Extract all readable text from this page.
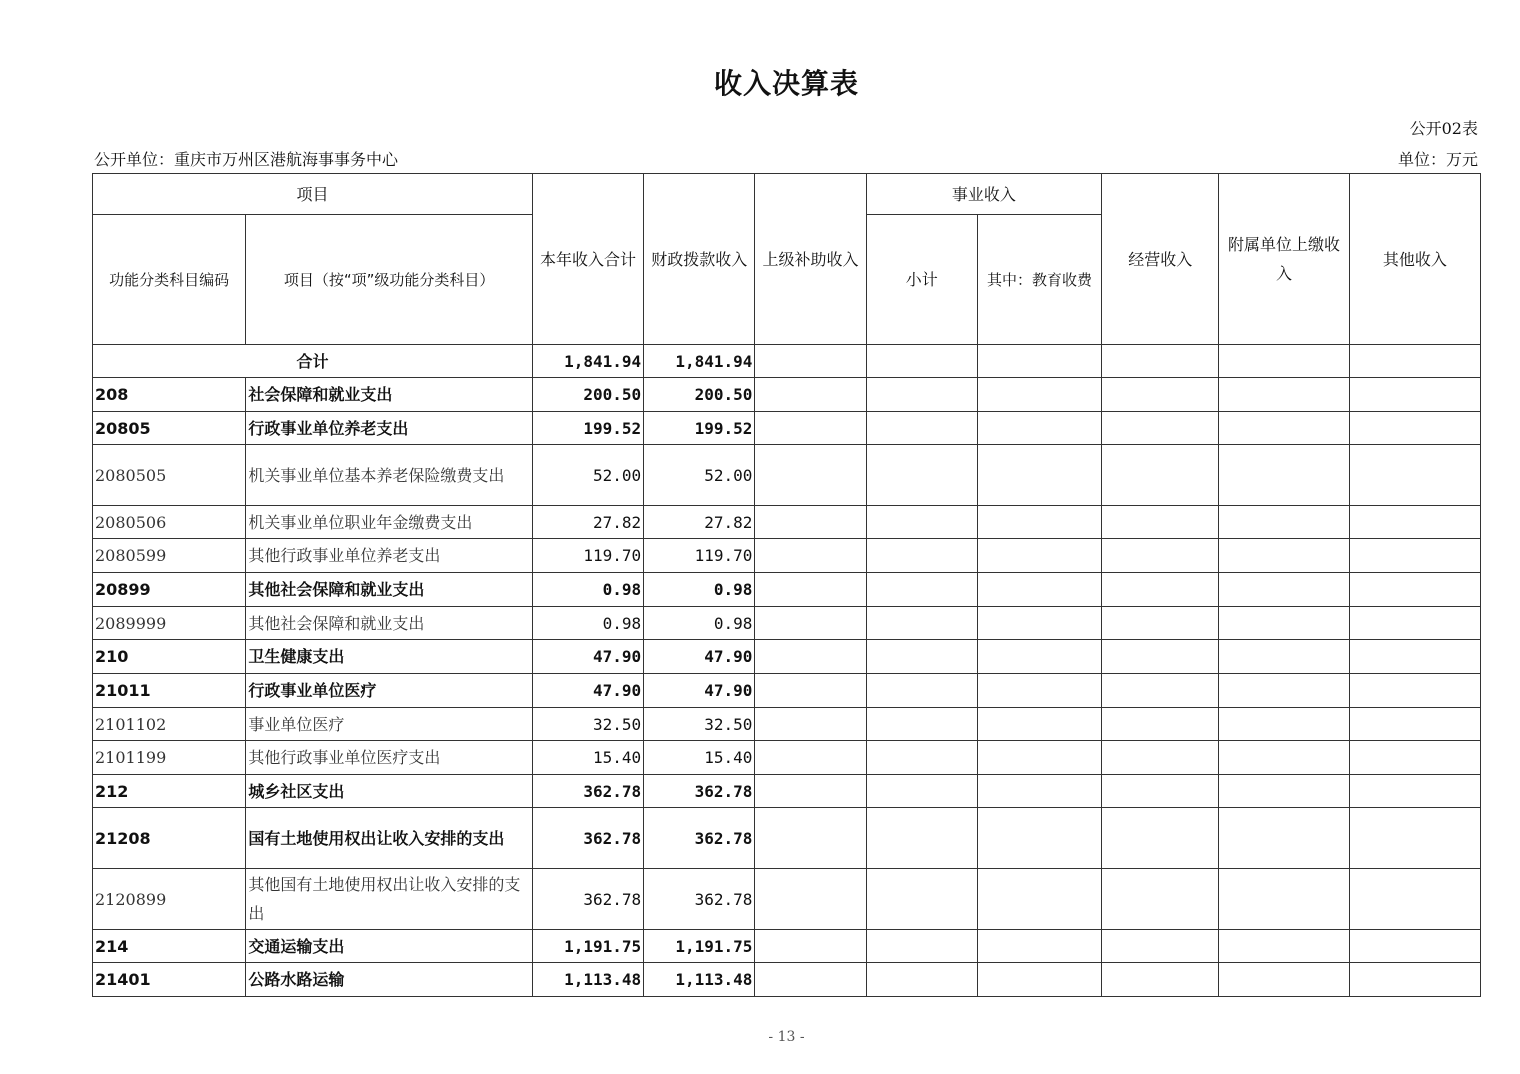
收入决算表
公开02表
公开单位：重庆市万州区港航海事事务中心	单位：万元
项目		本年收入合计	财政拨款收入	上级补助收入	事业收入		经营收入	附属单位上缴收入	其他收入
功能分类科目编码	项目（按“项”级功能分类科目）				小计	其中：教育收费			
合计		1,841.94	1,841.94						
208	社会保障和就业支出	200.50	200.50						
20805	行政事业单位养老支出	199.52	199.52						
2080505	机关事业单位基本养老保险缴费支出	52.00	52.00						
2080506	机关事业单位职业年金缴费支出	27.82	27.82						
2080599	其他行政事业单位养老支出	119.70	119.70						
20899	其他社会保障和就业支出	0.98	0.98						
2089999	其他社会保障和就业支出	0.98	0.98						
210	卫生健康支出	47.90	47.90						
21011	行政事业单位医疗	47.90	47.90						
2101102	事业单位医疗	32.50	32.50						
2101199	其他行政事业单位医疗支出	15.40	15.40						
212	城乡社区支出	362.78	362.78						
21208	国有土地使用权出让收入安排的支出	362.78	362.78						
2120899	其他国有土地使用权出让收入安排的支出	362.78	362.78						
214	交通运输支出	1,191.75	1,191.75						
21401	公路水路运输	1,113.48	1,113.48						
- 13 -
